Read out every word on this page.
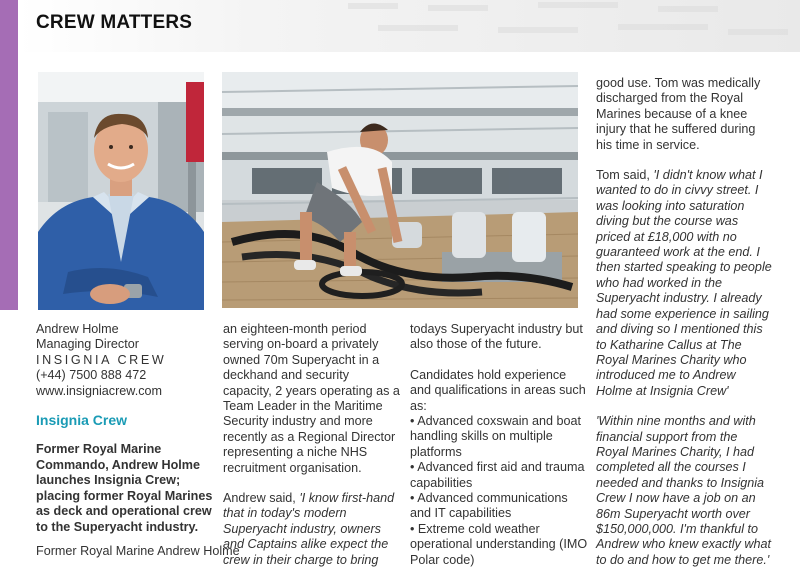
CREW MATTERS
Andrew Holme
Managing Director
INSIGNIA CREW
(+44) 7500 888 472
www.insigniacrew.com
Insignia Crew
Former Royal Marine Commando, Andrew Holme launches Insignia Crew; placing former Royal Marines as deck and operational crew to the Superyacht industry.
Former Royal Marine Andrew Holme

an eighteen-month period serving on-board a privately owned 70m Superyacht in a deckhand and security capacity, 2 years operating as a Team Leader in the Maritime Security industry and more recently as a Regional Director representing a niche NHS recruitment organisation.

Andrew said, 'I know first-hand that in today's modern Superyacht industry, owners and Captains alike expect the crew in their charge to bring

todays Superyacht industry but also those of the future.

Candidates hold experience and qualifications in areas such as:

• Advanced coxswain and boat handling skills on multiple platforms
• Advanced first aid and trauma capabilities
• Advanced communications and IT capabilities
• Extreme cold weather operational understanding (IMO Polar code)

good use. Tom was medically discharged from the Royal Marines because of a knee injury that he suffered during his time in service.

Tom said, 'I didn't know what I wanted to do in civvy street. I was looking into saturation diving but the course was priced at £18,000 with no guaranteed work at the end. I then started speaking to people who had worked in the Superyacht industry. I already had some experience in sailing and diving so I mentioned this to Katharine Callus at The Royal Marines Charity who introduced me to Andrew Holme at Insignia Crew'

'Within nine months and with financial support from the Royal Marines Charity, I had completed all the courses I needed and thanks to Insignia Crew I now have a job on an 86m Superyacht worth over $150,000,000. I'm thankful to Andrew who knew exactly what to do and how to get me there.'
